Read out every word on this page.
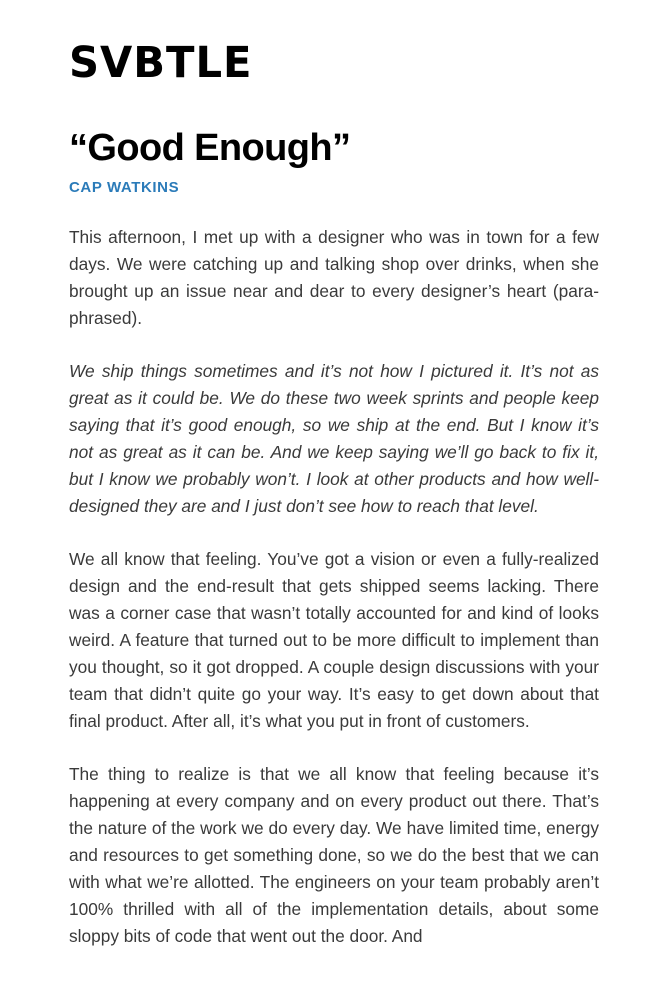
SVBTLE
“Good Enough”
CAP WATKINS

This afternoon, I met up with a designer who was in town for a few days. We were catching up and talking shop over drinks, when she brought up an issue near and dear to every designer’s heart (paraphrased).

We ship things sometimes and it’s not how I pictured it. It’s not as great as it could be. We do these two week sprints and people keep saying that it’s good enough, so we ship at the end. But I know it’s not as great as it can be. And we keep saying we’ll go back to fix it, but I know we probably won’t. I look at other products and how well-designed they are and I just don’t see how to reach that level.

We all know that feeling. You’ve got a vision or even a fully-realized design and the end-result that gets shipped seems lacking. There was a corner case that wasn’t totally accounted for and kind of looks weird. A feature that turned out to be more difficult to implement than you thought, so it got dropped. A couple design discussions with your team that didn’t quite go your way. It’s easy to get down about that final product. After all, it’s what you put in front of customers.

The thing to realize is that we all know that feeling because it’s happening at every company and on every product out there. That’s the nature of the work we do every day. We have limited time, energy and resources to get something done, so we do the best that we can with what we’re allotted. The engineers on your team probably aren’t 100% thrilled with all of the implementation details, about some sloppy bits of code that went out the door. And
